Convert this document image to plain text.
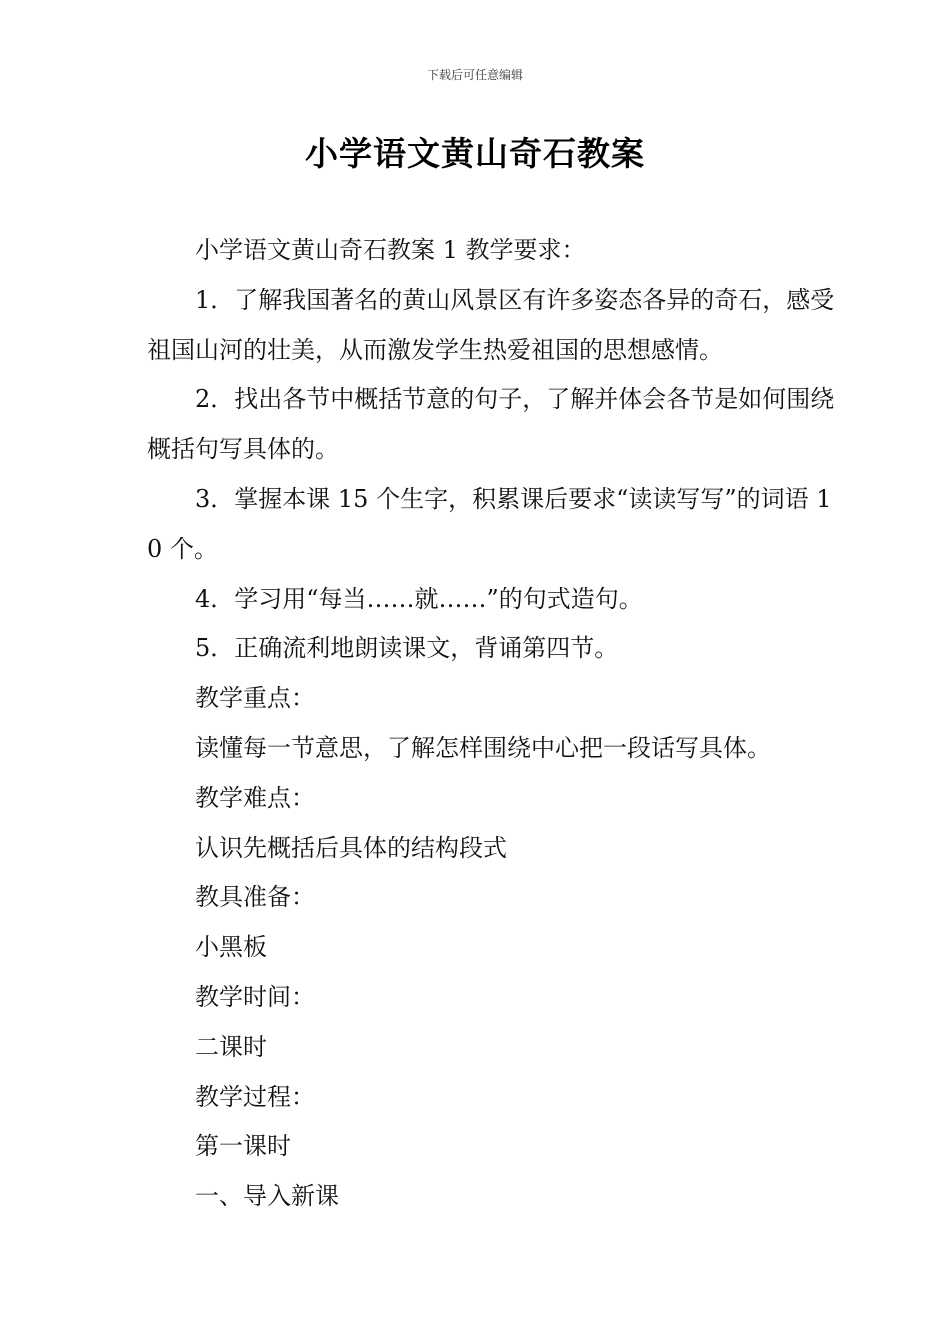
下载后可任意编辑
小学语文黄山奇石教案

小学语文黄山奇石教案 1 教学要求：

1．了解我国著名的黄山风景区有许多姿态各异的奇石，感受祖国山河的壮美，从而激发学生热爱祖国的思想感情。

2．找出各节中概括节意的句子，了解并体会各节是如何围绕概括句写具体的。

3．掌握本课 15 个生字，积累课后要求“读读写写”的词语 10 个。

4．学习用“每当……就……”的句式造句。

5．正确流利地朗读课文，背诵第四节。

教学重点：

读懂每一节意思，了解怎样围绕中心把一段话写具体。

教学难点：

认识先概括后具体的结构段式

教具准备：

小黑板

教学时间：

二课时

教学过程：

第一课时

一、导入新课
